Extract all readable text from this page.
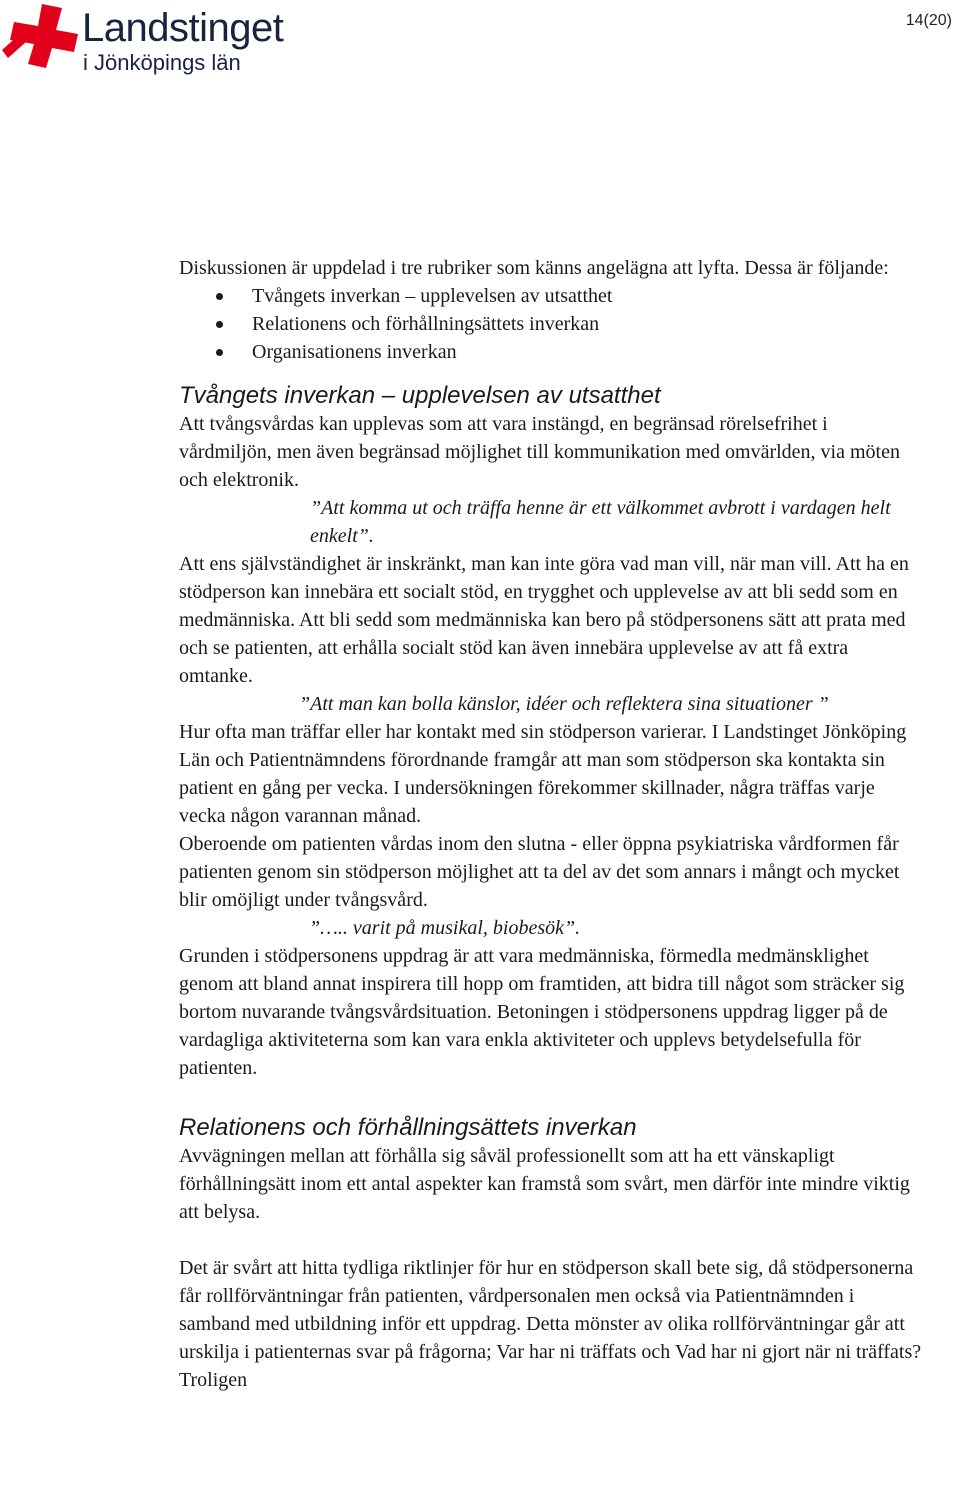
Landstinget
i Jönköpings län
14(20)

Diskussionen är uppdelad i tre rubriker som känns angelägna att lyfta. Dessa är följande:

Tvångets inverkan – upplevelsen av utsatthet
Relationens och förhållningsättets inverkan
Organisationens inverkan
Tvångets inverkan – upplevelsen av utsatthet

Att tvångsvårdas kan upplevas som att vara instängd, en begränsad rörelsefrihet i vårdmiljön, men även begränsad möjlighet till kommunikation med omvärlden, via möten och elektronik.

”Att komma ut och träffa henne är ett välkommet avbrott i vardagen helt enkelt”.

Att ens självständighet är inskränkt, man kan inte göra vad man vill, när man vill. Att ha en stödperson kan innebära ett socialt stöd, en trygghet och upplevelse av att bli sedd som en medmänniska. Att bli sedd som medmänniska kan bero på stödpersonens sätt att prata med och se patienten, att erhålla socialt stöd kan även innebära upplevelse av att få extra omtanke.

”Att man kan bolla känslor, idéer och reflektera sina situationer ”

Hur ofta man träffar eller har kontakt med sin stödperson varierar. I Landstinget Jönköping Län och Patientnämndens förordnande framgår att man som stödperson ska kontakta sin patient en gång per vecka. I undersökningen förekommer skillnader, några träffas varje vecka någon varannan månad.

Oberoende om patienten vårdas inom den slutna - eller öppna psykiatriska vårdformen får patienten genom sin stödperson möjlighet att ta del av det som annars i mångt och mycket blir omöjligt under tvångsvård.

”….. varit på musikal, biobesök”.

Grunden i stödpersonens uppdrag är att vara medmänniska, förmedla medmänsklighet genom att bland annat inspirera till hopp om framtiden, att bidra till något som sträcker sig bortom nuvarande tvångsvårdsituation. Betoningen i stödpersonens uppdrag ligger på de vardagliga aktiviteterna som kan vara enkla aktiviteter och upplevs betydelsefulla för patienten.

Relationens och förhållningsättets inverkan

Avvägningen mellan att förhålla sig såväl professionellt som att ha ett vänskapligt förhållningsätt inom ett antal aspekter kan framstå som svårt, men därför inte mindre viktig att belysa.

Det är svårt att hitta tydliga riktlinjer för hur en stödperson skall bete sig, då stödpersonerna får rollförväntningar från patienten, vårdpersonalen men också via Patientnämnden i samband med utbildning inför ett uppdrag. Detta mönster av olika rollförväntningar går att urskilja i patienternas svar på frågorna; Var har ni träffats och Vad har ni gjort när ni träffats? Troligen
